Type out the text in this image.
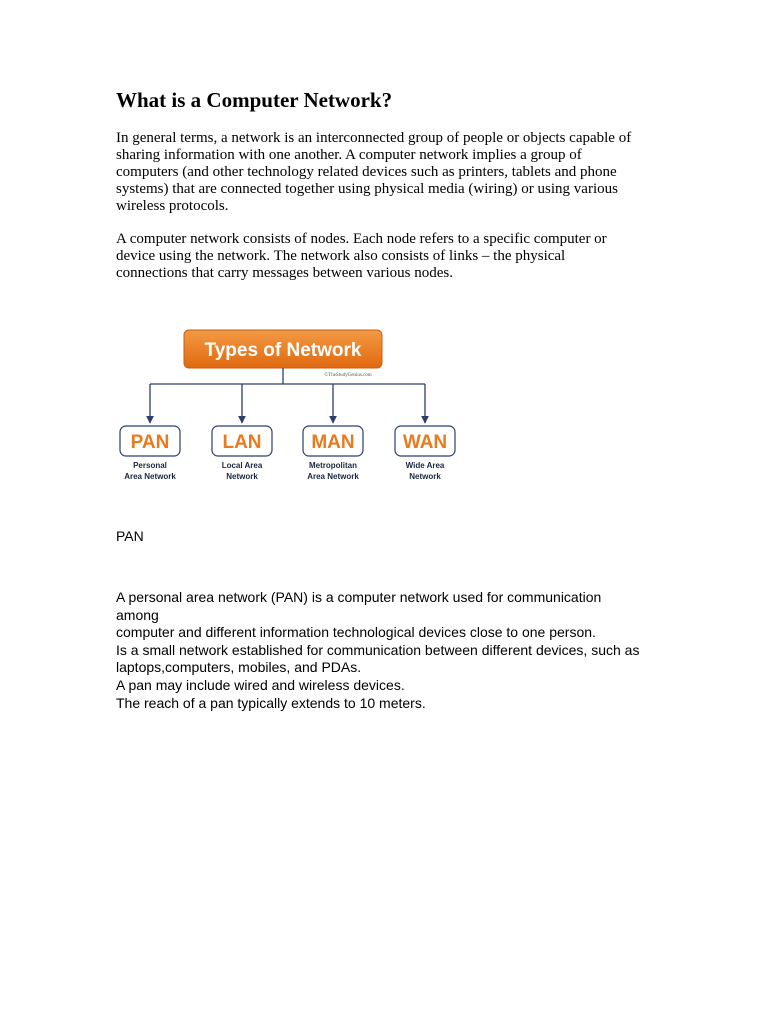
What is a Computer Network?

In general terms, a network is an interconnected group of people or objects capable of
sharing information with one another. A computer network implies a group of
computers (and other technology related devices such as printers, tablets and phone
systems) that are connected together using physical media (wiring) or using various
wireless protocols.

A computer network consists of nodes. Each node refers to a specific computer or
device using the network. The network also consists of links – the physical
connections that carry messages between various nodes.

Types of Network
©TheStudyGenius.com
PAN
Personal
Area Network
LAN
Local Area
Network
MAN
Metropolitan
Area Network
WAN
Wide Area
Network
PAN
A personal area network (PAN) is a computer network used for communication
among
computer and different information technological devices close to one person.
Is a small network established for communication between different devices, such as
laptops,computers, mobiles, and PDAs.
A pan may include wired and wireless devices.
The reach of a pan typically extends to 10 meters.
